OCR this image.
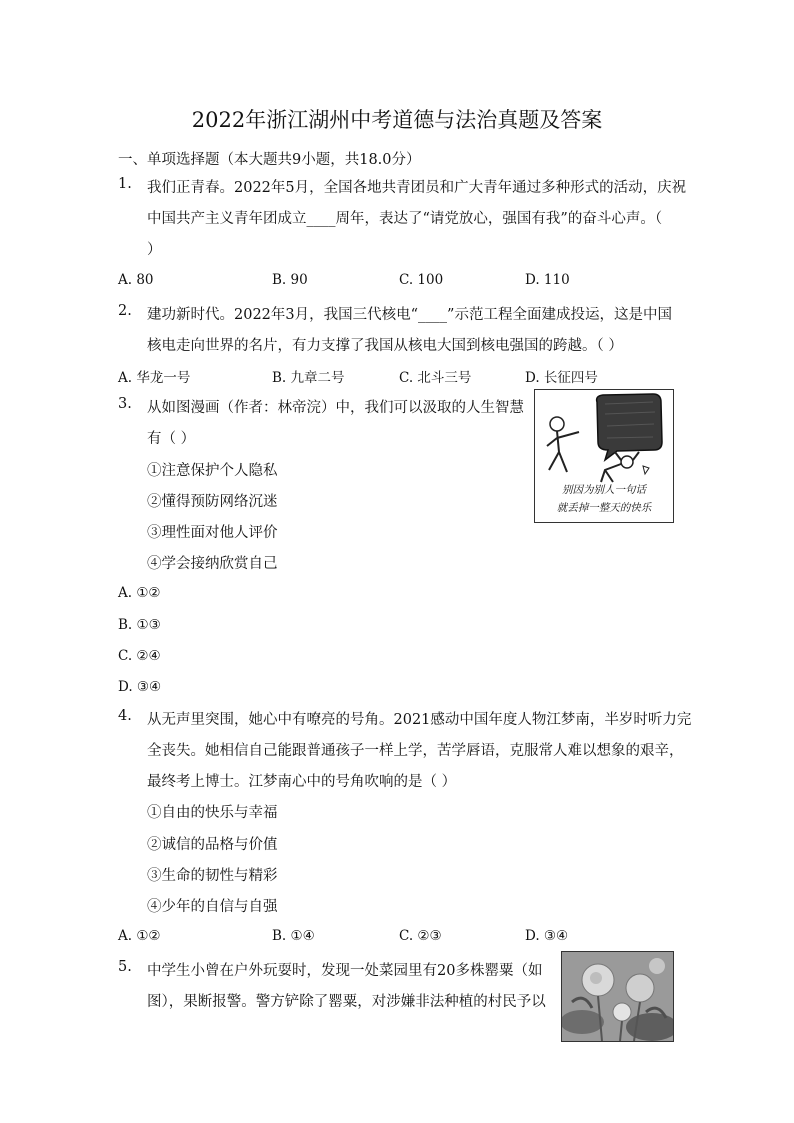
2022年浙江湖州中考道德与法治真题及答案
一、单项选择题（本大题共9小题，共18.0分）
1. 我们正青春。2022年5月，全国各地共青团员和广大青年通过多种形式的活动，庆祝
中国共产主义青年团成立____周年，表达了“请党放心，强国有我”的奋斗心声。（
）
A. 80	B. 90	C. 100	D. 110
2. 建功新时代。2022年3月，我国三代核电“____”示范工程全面建成投运，这是中国
核电走向世界的名片，有力支撑了我国从核电大国到核电强国的跨越。（ ）
A. 华龙一号	B. 九章二号	C. 北斗三号	D. 长征四号
3. 从如图漫画（作者：林帝浣）中，我们可以汲取的人生智慧
有（ ）
①注意保护个人隐私
②懂得预防网络沉迷
③理性面对他人评价
④学会接纳欣赏自己
A. ①②
B. ①③
C. ②④
D. ③④
别因为别人一句话
就丢掉一整天的快乐
4. 从无声里突围，她心中有嘹亮的号角。2021感动中国年度人物江梦南，半岁时听力完
全丧失。她相信自己能跟普通孩子一样上学，苦学唇语，克服常人难以想象的艰辛，
最终考上博士。江梦南心中的号角吹响的是（ ）
①自由的快乐与幸福
②诚信的品格与价值
③生命的韧性与精彩
④少年的自信与自强
A. ①②	B. ①④	C. ②③	D. ③④
5. 中学生小曾在户外玩耍时，发现一处菜园里有20多株罂粟（如
图），果断报警。警方铲除了罂粟，对涉嫌非法种植的村民予以
